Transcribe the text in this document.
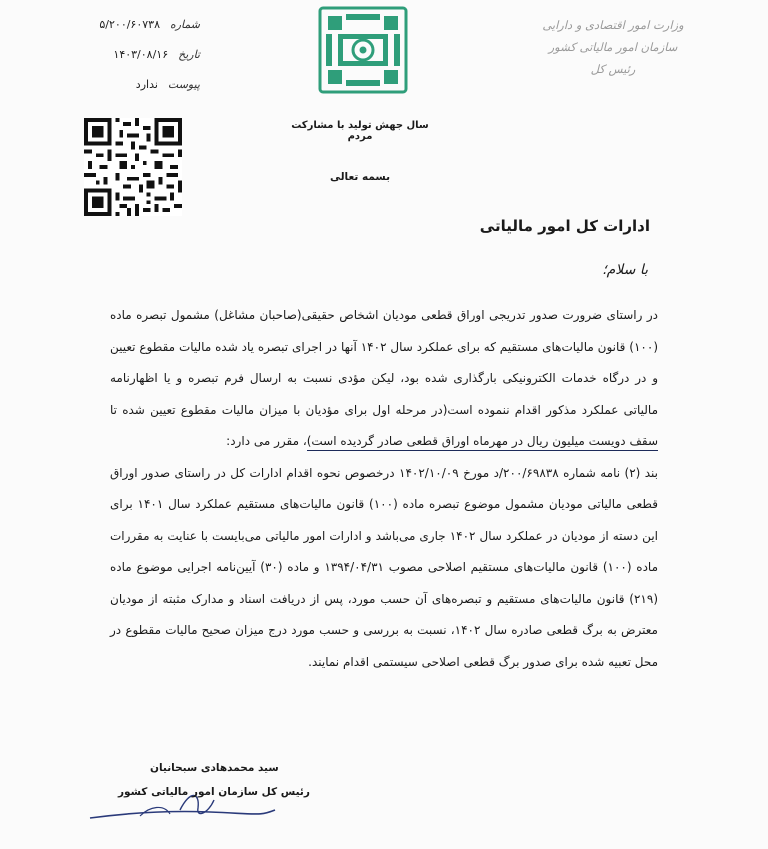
شماره
۵/۲۰۰/۶۰۷۳۸
تاریخ
۱۴۰۳/۰۸/۱۶
پیوست
ندارد
وزارت امور اقتصادی و دارایی
سازمان امور مالیاتی کشور
رئیس کل
سال جهش تولید با مشارکت مردم
بسمه تعالی
ادارات کل امور مالیاتی
با سلام؛

در راستای ضرورت صدور تدریجی اوراق قطعی مودیان اشخاص حقیقی(صاحبان مشاغل) مشمول تبصره ماده (۱۰۰) قانون مالیات‌های مستقیم که برای عملکرد سال ۱۴۰۲ آنها در اجرای تبصره یاد شده مالیات مقطوع تعیین و در درگاه خدمات الکترونیکی بارگذاری شده بود، لیکن مؤدی نسبت به ارسال فرم تبصره و یا اظهارنامه مالیاتی عملکرد مذکور اقدام ننموده است(در مرحله اول برای مؤدیان با میزان مالیات مقطوع تعیین شده تا سقف دویست میلیون ریال در مهرماه اوراق قطعی صادر گردیده است)، مقرر می دارد:

بند (۲) نامه شماره ۲۰۰/۶۹۸۳۸/د مورخ ۱۴۰۲/۱۰/۰۹ درخصوص نحوه اقدام ادارات کل در راستای صدور اوراق قطعی مالیاتی مودیان مشمول موضوع تبصره ماده (۱۰۰) قانون مالیات‌های مستقیم عملکرد سال ۱۴۰۱ برای این دسته از مودیان در عملکرد سال ۱۴۰۲ جاری می‌باشد و ادارات امور مالیاتی می‌بایست با عنایت به مقررات ماده (۱۰۰) قانون مالیات‌های مستقیم اصلاحی مصوب ۱۳۹۴/۰۴/۳۱ و ماده (۳۰) آیین‌نامه اجرایی موضوع ماده (۲۱۹) قانون مالیات‌های مستقیم و تبصره‌های آن حسب مورد، پس از دریافت اسناد و مدارک مثبته از مودیان معترض به برگ قطعی صادره سال ۱۴۰۲، نسبت به بررسی و حسب مورد درج میزان صحیح مالیات مقطوع در محل تعبیه شده برای صدور برگ قطعی اصلاحی سیستمی اقدام نمایند.

سید محمدهادی سبحانیان
رئیس کل سازمان امور مالیاتی کشور
